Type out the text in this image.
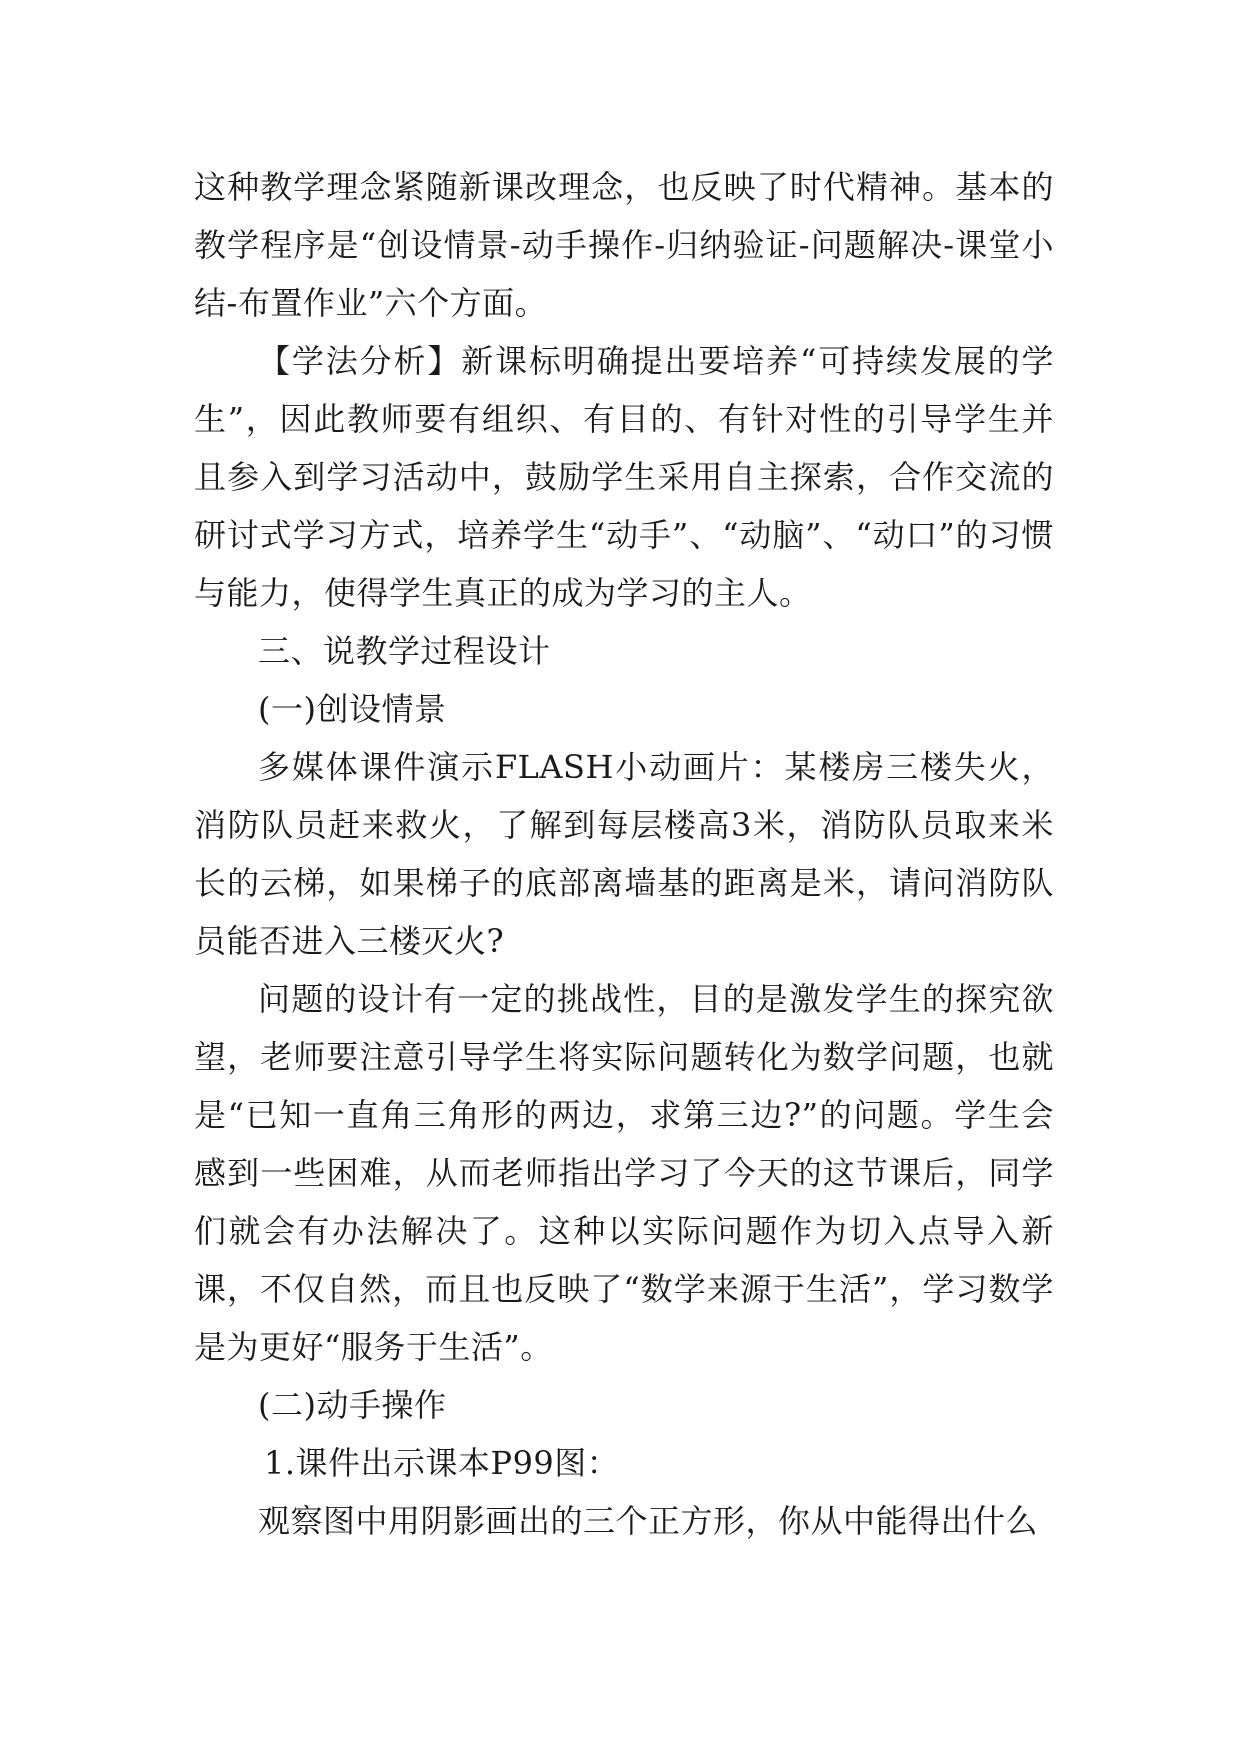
这种教学理念紧随新课改理念，也反映了时代精神。基本的教学程序是“创设情景-动手操作-归纳验证-问题解决-课堂小结-布置作业”六个方面。

【学法分析】新课标明确提出要培养“可持续发展的学生”，因此教师要有组织、有目的、有针对性的引导学生并且参入到学习活动中，鼓励学生采用自主探索，合作交流的研讨式学习方式，培养学生“动手”、“动脑”、“动口”的习惯与能力，使得学生真正的成为学习的主人。

三、说教学过程设计

(一)创设情景

多媒体课件演示FLASH小动画片：某楼房三楼失火，消防队员赶来救火，了解到每层楼高3米，消防队员取来米长的云梯，如果梯子的底部离墙基的距离是米，请问消防队员能否进入三楼灭火?

问题的设计有一定的挑战性，目的是激发学生的探究欲望，老师要注意引导学生将实际问题转化为数学问题，也就是“已知一直角三角形的两边，求第三边?”的问题。学生会感到一些困难，从而老师指出学习了今天的这节课后，同学们就会有办法解决了。这种以实际问题作为切入点导入新课，不仅自然，而且也反映了“数学来源于生活”，学习数学是为更好“服务于生活”。

(二)动手操作

1.课件出示课本P99图：

观察图中用阴影画出的三个正方形，你从中能得出什么
